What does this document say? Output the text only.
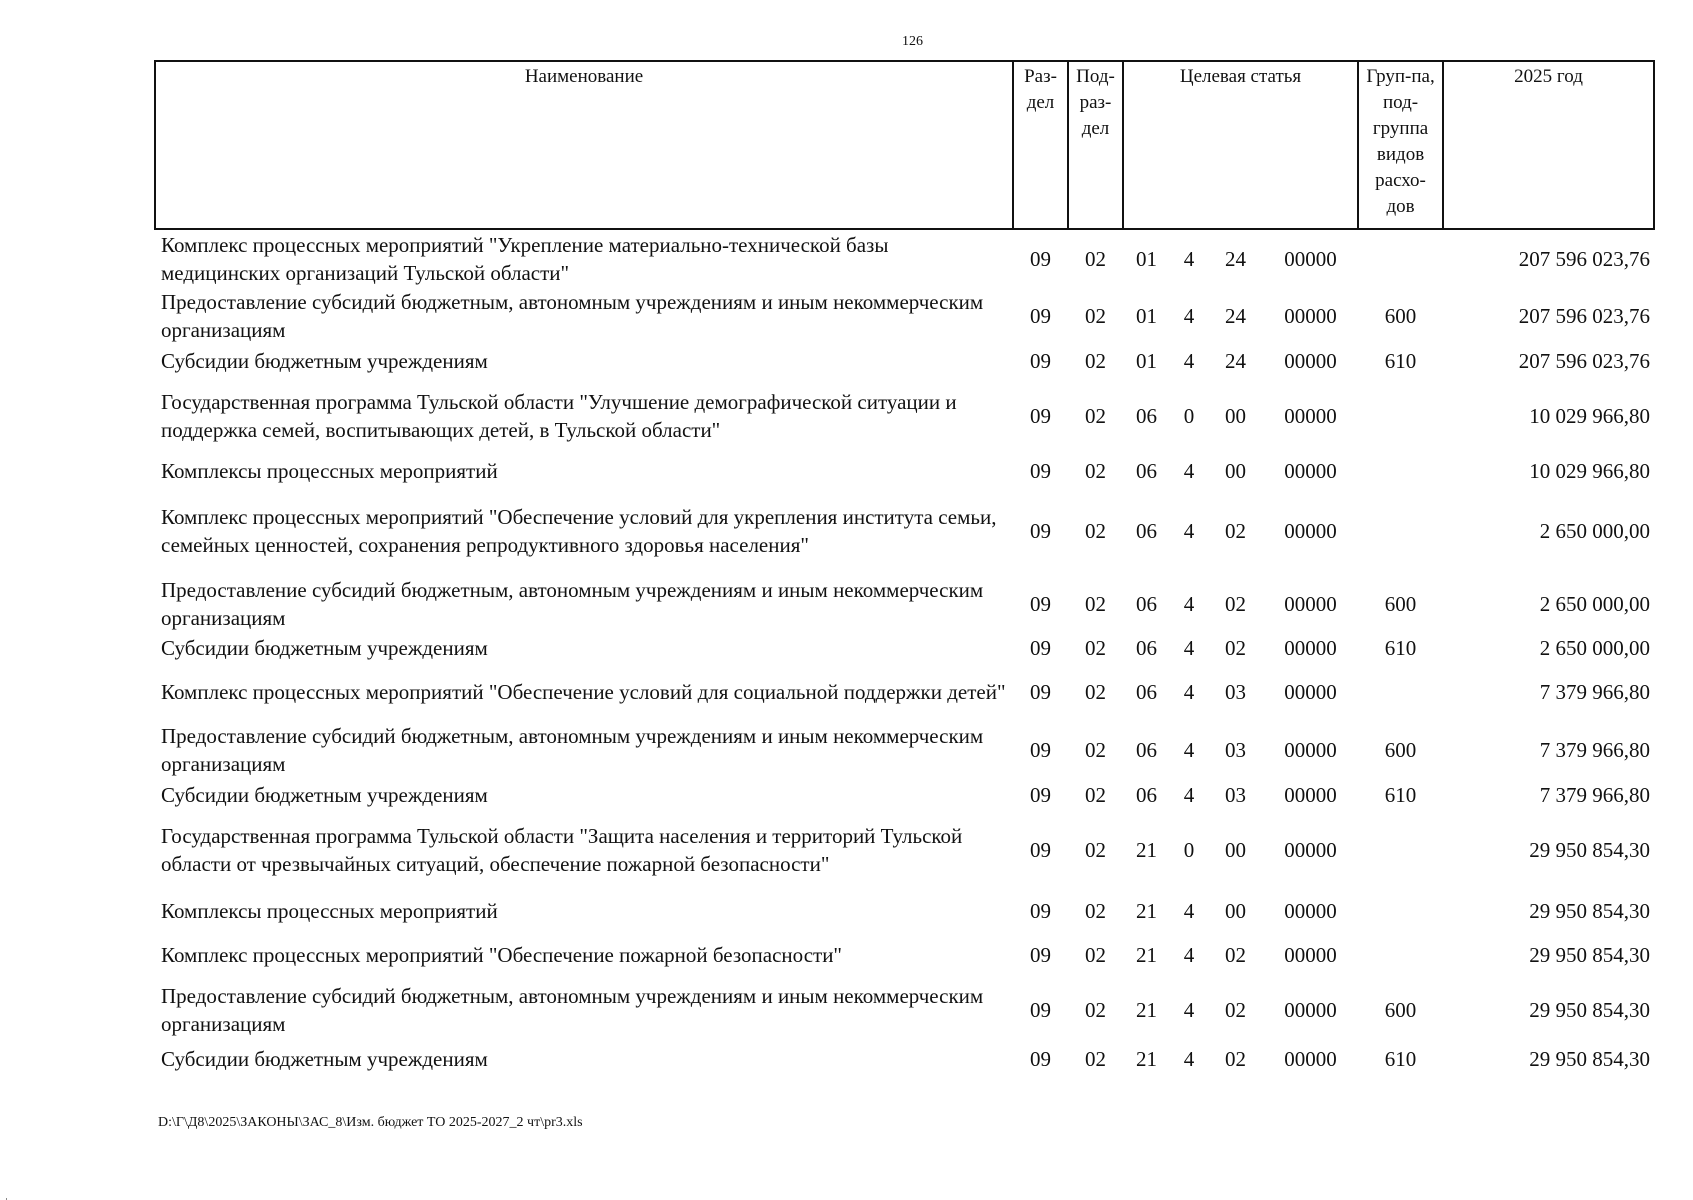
126
Наименование	Раз-дел	Под-раз-дел	Целевая статья				Груп-па, под-группа видов расхо-дов	2025 год
Комплекс процессных мероприятий "Укрепление материально-технической базы медицинских организаций Тульской области"	09	02	01	4	24	00000		207 596 023,76
Предоставление субсидий бюджетным, автономным учреждениям и иным некоммерческим организациям	09	02	01	4	24	00000	600	207 596 023,76
Субсидии бюджетным учреждениям	09	02	01	4	24	00000	610	207 596 023,76
Государственная программа Тульской области "Улучшение демографической ситуации и поддержка семей, воспитывающих детей, в Тульской области"	09	02	06	0	00	00000		10 029 966,80
Комплексы процессных мероприятий	09	02	06	4	00	00000		10 029 966,80
Комплекс процессных мероприятий "Обеспечение условий для укрепления института семьи, семейных ценностей, сохранения репродуктивного здоровья населения"	09	02	06	4	02	00000		2 650 000,00
Предоставление субсидий бюджетным, автономным учреждениям и иным некоммерческим организациям	09	02	06	4	02	00000	600	2 650 000,00
Субсидии бюджетным учреждениям	09	02	06	4	02	00000	610	2 650 000,00
Комплекс процессных мероприятий "Обеспечение условий для социальной поддержки детей"	09	02	06	4	03	00000		7 379 966,80
Предоставление субсидий бюджетным, автономным учреждениям и иным некоммерческим организациям	09	02	06	4	03	00000	600	7 379 966,80
Субсидии бюджетным учреждениям	09	02	06	4	03	00000	610	7 379 966,80
Государственная программа Тульской области "Защита населения и территорий Тульской области от чрезвычайных ситуаций, обеспечение пожарной безопасности"	09	02	21	0	00	00000		29 950 854,30
Комплексы процессных мероприятий	09	02	21	4	00	00000		29 950 854,30
Комплекс процессных мероприятий "Обеспечение пожарной безопасности"	09	02	21	4	02	00000		29 950 854,30
Предоставление субсидий бюджетным, автономным учреждениям и иным некоммерческим организациям	09	02	21	4	02	00000	600	29 950 854,30
Субсидии бюджетным учреждениям	09	02	21	4	02	00000	610	29 950 854,30
D:\Г\Д8\2025\ЗАКОНЫ\ЗАС_8\Изм. бюджет ТО 2025-2027_2 чт\pr3.xls
